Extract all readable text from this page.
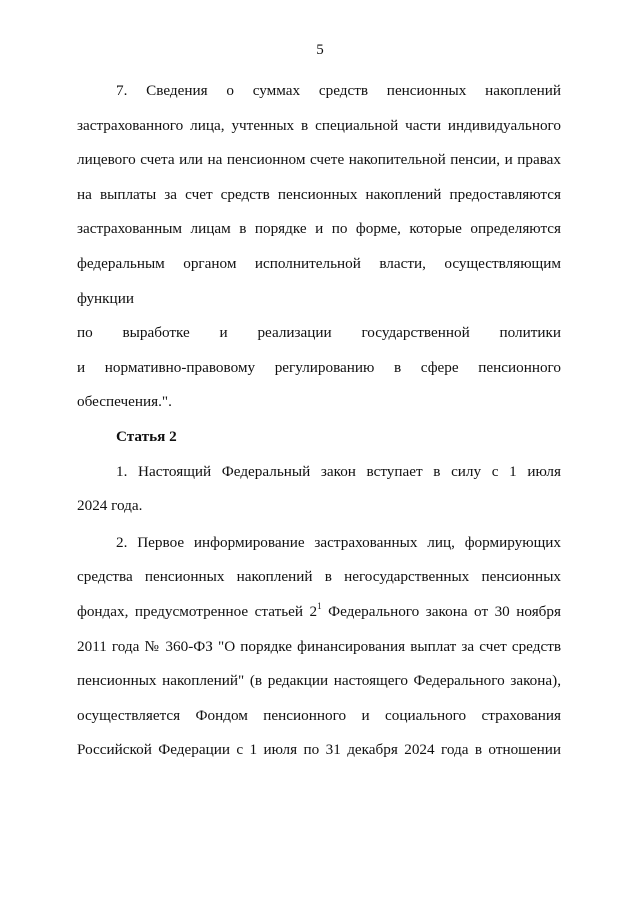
5

7. Сведения о суммах средств пенсионных накоплений

застрахованного лица, учтенных в специальной части индивидуального

лицевого счета или на пенсионном счете накопительной пенсии, и правах

на выплаты за счет средств пенсионных накоплений предоставляются

застрахованным лицам в порядке и по форме, которые определяются

федеральным органом исполнительной власти, осуществляющим функции

по выработке и реализации государственной политики

и нормативно-правовому регулированию в сфере пенсионного

обеспечения.".

Статья 2

1. Настоящий Федеральный закон вступает в силу с 1 июля

2024 года.

2. Первое информирование застрахованных лиц, формирующих

средства пенсионных накоплений в негосударственных пенсионных

фондах, предусмотренное статьей $2^1$ Федерального закона от 30 ноября

2011 года № 360-ФЗ "О порядке финансирования выплат за счет средств

пенсионных накоплений" (в редакции настоящего Федерального закона),

осуществляется Фондом пенсионного и социального страхования

Российской Федерации с 1 июля по 31 декабря 2024 года в отношении
